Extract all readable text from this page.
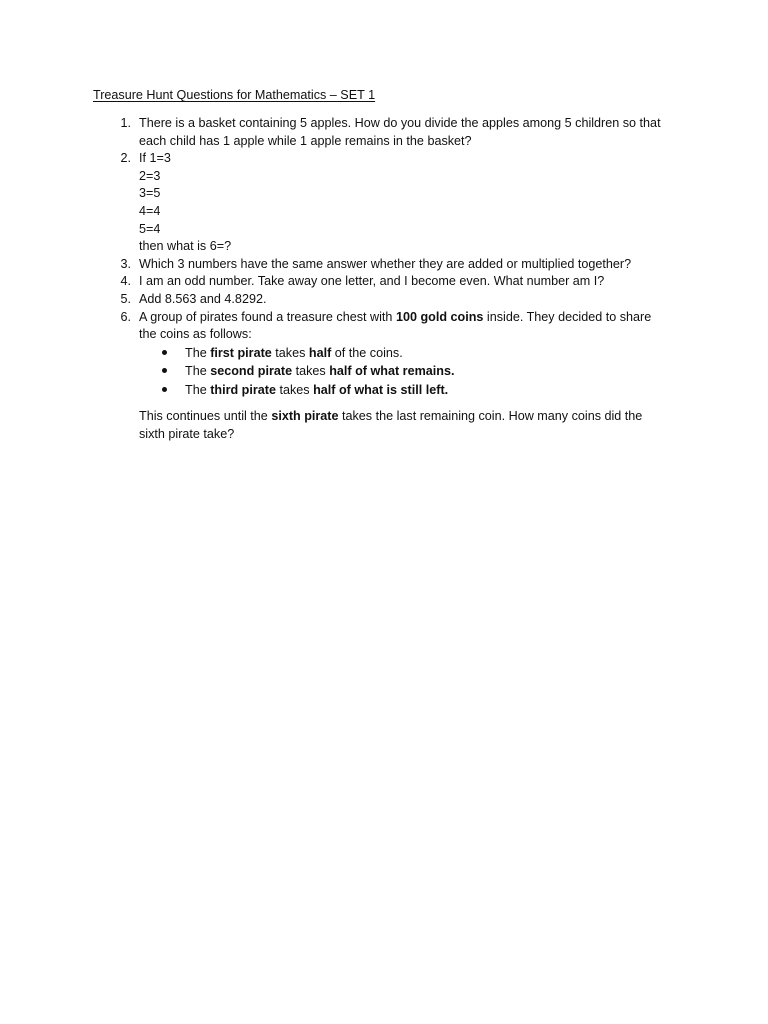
Treasure Hunt Questions for Mathematics – SET 1
1. There is a basket containing 5 apples. How do you divide the apples among 5 children so that
each child has 1 apple while 1 apple remains in the basket?
2. If 1=3
2=3
3=5
4=4
5=4
then what is 6=?
3. Which 3 numbers have the same answer whether they are added or multiplied together?
4. I am an odd number. Take away one letter, and I become even. What number am I?
5. Add 8.563 and 4.8292.
6. A group of pirates found a treasure chest with 100 gold coins inside. They decided to share
the coins as follows:
The first pirate takes half of the coins.
The second pirate takes half of what remains.
The third pirate takes half of what is still left.
This continues until the sixth pirate takes the last remaining coin. How many coins did the
sixth pirate take?
